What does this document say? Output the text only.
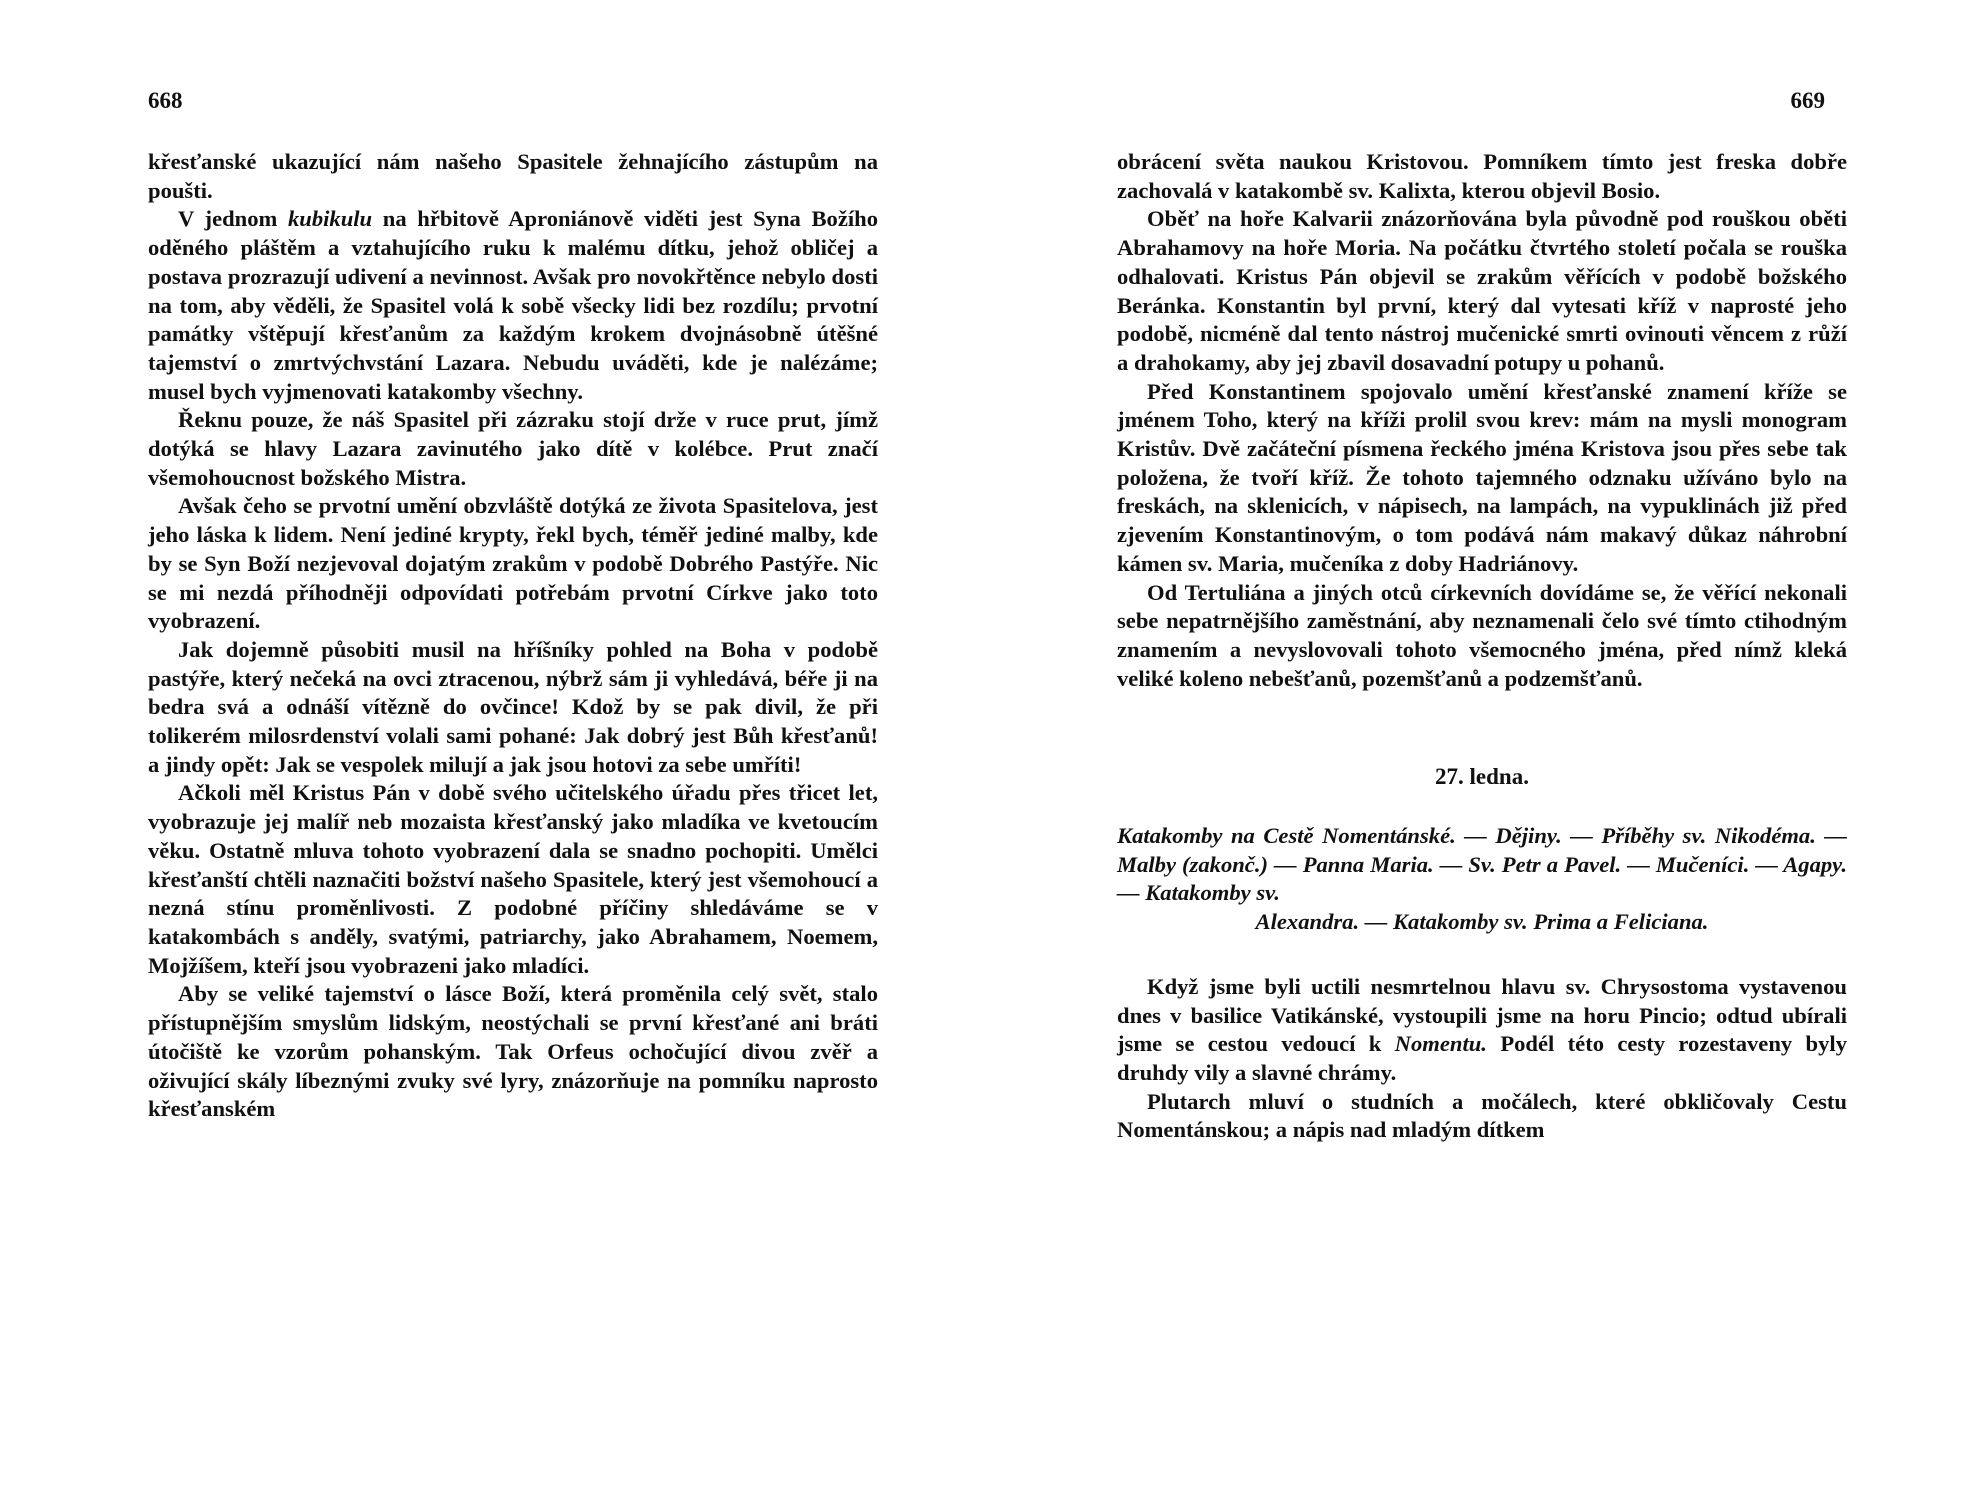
668

křesťanské ukazující nám našeho Spasitele žehnajícího zástupům na poušti.

V jednom kubikulu na hřbitově Aproniánově viděti jest Syna Božího oděného pláštěm a vztahujícího ruku k malému dítku, jehož obličej a postava prozrazují udivení a nevinnost. Avšak pro novokřtěnce nebylo dosti na tom, aby věděli, že Spasitel volá k sobě všecky lidi bez rozdílu; prvotní památky vštěpují křesťanům za každým krokem dvojnásobně útěšné tajemství o zmrtvýchvstání Lazara. Nebudu uváděti, kde je nalézáme; musel bych vyjmenovati katakomby všechny.

Řeknu pouze, že náš Spasitel při zázraku stojí drže v ruce prut, jímž dotýká se hlavy Lazara zavinutého jako dítě v kolébce. Prut značí všemohoucnost božského Mistra.

Avšak čeho se prvotní umění obzvláště dotýká ze života Spasitelova, jest jeho láska k lidem. Není jediné krypty, řekl bych, téměř jediné malby, kde by se Syn Boží nezjevoval dojatým zrakům v podobě Dobrého Pastýře. Nic se mi nezdá příhodněji odpovídati potřebám prvotní Církve jako toto vyobrazení.

Jak dojemně působiti musil na hříšníky pohled na Boha v podobě pastýře, který nečeká na ovci ztracenou, nýbrž sám ji vyhledává, béře ji na bedra svá a odnáší vítězně do ovčince! Kdož by se pak divil, že při tolikerém milosrdenství volali sami pohané: Jak dobrý jest Bůh křesťanů! a jindy opět: Jak se vespolek milují a jak jsou hotovi za sebe umříti!

Ačkoli měl Kristus Pán v době svého učitelského úřadu přes třicet let, vyobrazuje jej malíř neb mozaista křesťanský jako mladíka ve kvetoucím věku. Ostatně mluva tohoto vyobrazení dala se snadno pochopiti. Umělci křesťanští chtěli naznačiti božství našeho Spasitele, který jest všemohoucí a nezná stínu proměnlivosti. Z podobné příčiny shledáváme se v katakombách s anděly, svatými, patriarchy, jako Abrahamem, Noemem, Mojžíšem, kteří jsou vyobrazeni jako mladíci.

Aby se veliké tajemství o lásce Boží, která proměnila celý svět, stalo přístupnějším smyslům lidským, neostýchali se první křesťané ani bráti útočiště ke vzorům pohanským. Tak Orfeus ochočující divou zvěř a oživující skály líbeznými zvuky své lyry, znázorňuje na pomníku naprosto křesťanském

669

obrácení světa naukou Kristovou. Pomníkem tímto jest freska dobře zachovalá v katakombě sv. Kalixta, kterou objevil Bosio.

Oběť na hoře Kalvarii znázorňována byla původně pod rouškou oběti Abrahamovy na hoře Moria. Na počátku čtvrtého století počala se rouška odhalovati. Kristus Pán objevil se zrakům věřících v podobě božského Beránka. Konstantin byl první, který dal vytesati kříž v naprosté jeho podobě, nicméně dal tento nástroj mučenické smrti ovinouti věncem z růží a drahokamy, aby jej zbavil dosavadní potupy u pohanů.

Před Konstantinem spojovalo umění křesťanské znamení kříže se jménem Toho, který na kříži prolil svou krev: mám na mysli monogram Kristův. Dvě začáteční písmena řeckého jména Kristova jsou přes sebe tak položena, že tvoří kříž. Že tohoto tajemného odznaku užíváno bylo na freskách, na sklenicích, v nápisech, na lampách, na vypuklinách již před zjevením Konstantinovým, o tom podává nám makavý důkaz náhrobní kámen sv. Maria, mučeníka z doby Hadriánovy.

Od Tertuliána a jiných otců církevních dovídáme se, že věřící nekonali sebe nepatrnějšího zaměstnání, aby neznamenali čelo své tímto ctihodným znamením a nevyslovovali tohoto všemocného jména, před nímž kleká veliké koleno nebešťanů, pozemšťanů a podzemšťanů.

27. ledna.
Katakomby na Cestě Nomentánské. — Dějiny. — Příběhy sv. Nikodéma. — Malby (zakonč.) — Panna Maria. — Sv. Petr a Pavel. — Mučeníci. — Agapy. — Katakomby sv.
Alexandra. — Katakomby sv. Prima a Feliciana.

Když jsme byli uctili nesmrtelnou hlavu sv. Chrysostoma vystavenou dnes v basilice Vatikánské, vystoupili jsme na horu Pincio; odtud ubírali jsme se cestou vedoucí k Nomentu. Podél této cesty rozestaveny byly druhdy vily a slavné chrámy.

Plutarch mluví o studních a močálech, které obkličovaly Cestu Nomentánskou; a nápis nad mladým dítkem
